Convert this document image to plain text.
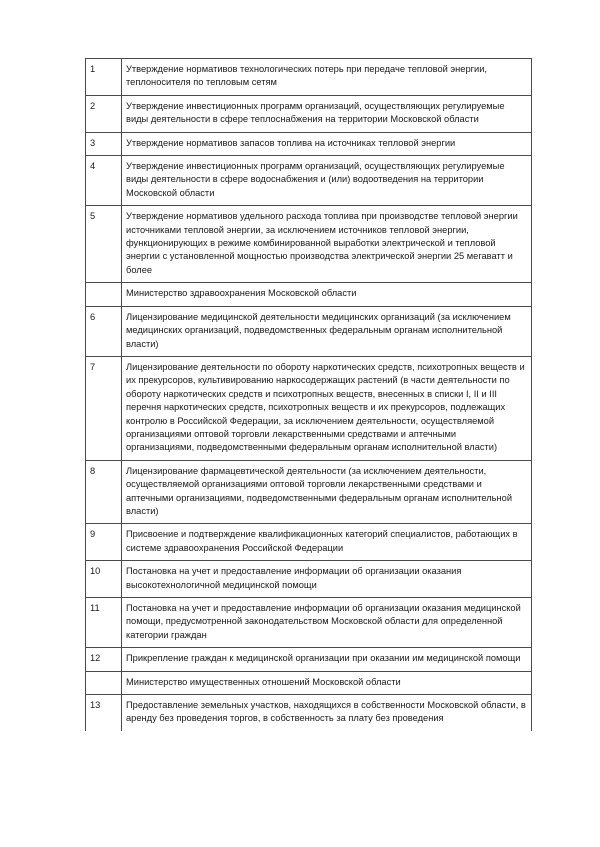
1	Утверждение нормативов технологических потерь при передаче тепловой энергии, теплоносителя по тепловым сетям
2	Утверждение инвестиционных программ организаций, осуществляющих регулируемые виды деятельности в сфере теплоснабжения на территории Московской области
3	Утверждение нормативов запасов топлива на источниках тепловой энергии
4	Утверждение инвестиционных программ организаций, осуществляющих регулируемые виды деятельности в сфере водоснабжения и (или) водоотведения на территории Московской области
5	Утверждение нормативов удельного расхода топлива при производстве тепловой энергии источниками тепловой энергии, за исключением источников тепловой энергии, функционирующих в режиме комбинированной выработки электрической и тепловой энергии с установленной мощностью производства электрической энергии 25 мегаватт и более
	Министерство здравоохранения Московской области
6	Лицензирование медицинской деятельности медицинских организаций (за исключением медицинских организаций, подведомственных федеральным органам исполнительной власти)
7	Лицензирование деятельности по обороту наркотических средств, психотропных веществ и их прекурсоров, культивированию наркосодержащих растений (в части деятельности по обороту наркотических средств и психотропных веществ, внесенных в списки I, II и III перечня наркотических средств, психотропных веществ и их прекурсоров, подлежащих контролю в Российской Федерации, за исключением деятельности, осуществляемой организациями оптовой торговли лекарственными средствами и аптечными организациями, подведомственными федеральным органам исполнительной власти)
8	Лицензирование фармацевтической деятельности (за исключением деятельности, осуществляемой организациями оптовой торговли лекарственными средствами и аптечными организациями, подведомственными федеральным органам исполнительной власти)
9	Присвоение и подтверждение квалификационных категорий специалистов, работающих в системе здравоохранения Российской Федерации
10	Постановка на учет и предоставление информации об организации оказания высокотехнологичной медицинской помощи
11	Постановка на учет и предоставление информации об организации оказания медицинской помощи, предусмотренной законодательством Московской области для определенной категории граждан
12	Прикрепление граждан к медицинской организации при оказании им медицинской помощи
	Министерство имущественных отношений Московской области
13	Предоставление земельных участков, находящихся в собственности Московской области, в аренду без проведения торгов, в собственность за плату без проведения
